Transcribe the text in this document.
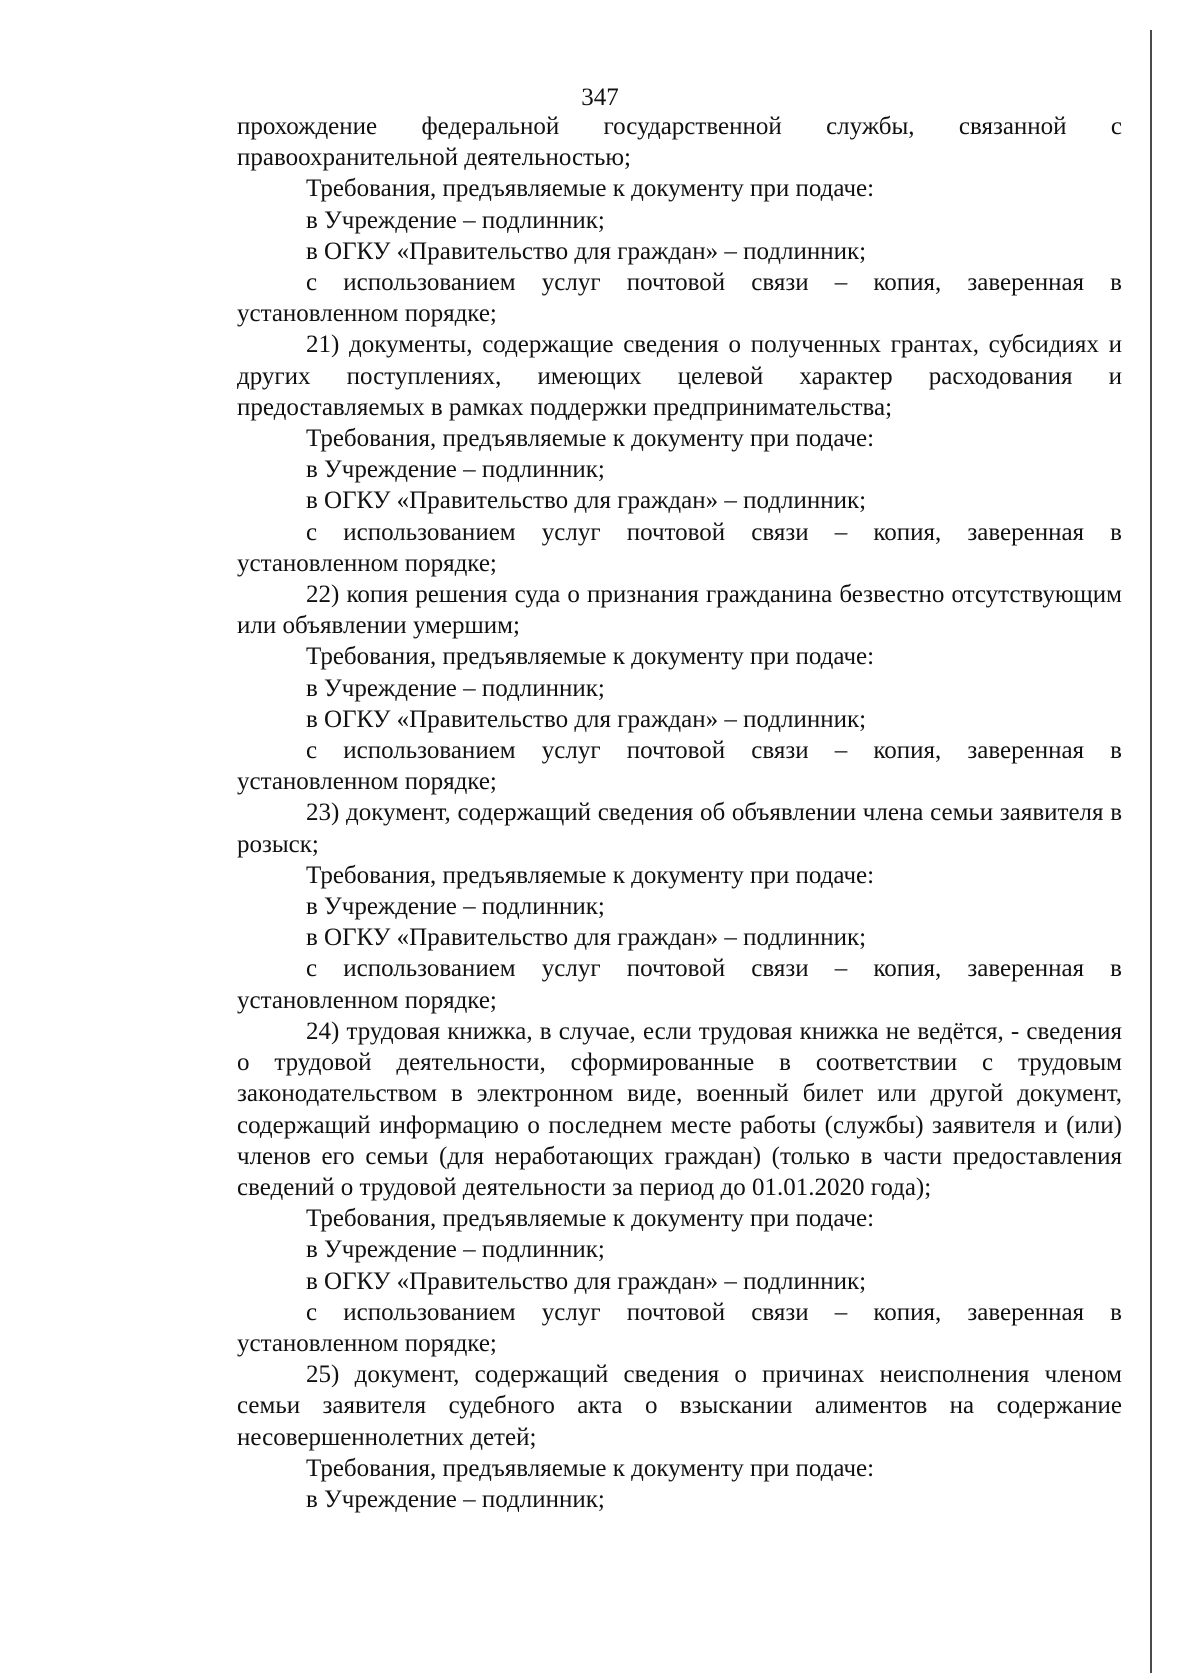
347

прохождение федеральной государственной службы, связанной с правоохранительной деятельностью;

Требования, предъявляемые к документу при подаче:

в Учреждение – подлинник;

в ОГКУ «Правительство для граждан» – подлинник;

с использованием услуг почтовой связи – копия, заверенная в установленном порядке;

21) документы, содержащие сведения о полученных грантах, субсидиях и других поступлениях, имеющих целевой характер расходования и предоставляемых в рамках поддержки предпринимательства;

Требования, предъявляемые к документу при подаче:

в Учреждение – подлинник;

в ОГКУ «Правительство для граждан» – подлинник;

с использованием услуг почтовой связи – копия, заверенная в установленном порядке;

22) копия решения суда о признания гражданина безвестно отсутствующим или объявлении умершим;

Требования, предъявляемые к документу при подаче:

в Учреждение – подлинник;

в ОГКУ «Правительство для граждан» – подлинник;

с использованием услуг почтовой связи – копия, заверенная в установленном порядке;

23) документ, содержащий сведения об объявлении члена семьи заявителя в розыск;

Требования, предъявляемые к документу при подаче:

в Учреждение – подлинник;

в ОГКУ «Правительство для граждан» – подлинник;

с использованием услуг почтовой связи – копия, заверенная в установленном порядке;

24) трудовая книжка, в случае, если трудовая книжка не ведётся, - сведения о трудовой деятельности, сформированные в соответствии с трудовым законодательством в электронном виде, военный билет или другой документ, содержащий информацию о последнем месте работы (службы) заявителя и (или) членов его семьи (для неработающих граждан) (только в части предоставления сведений о трудовой деятельности за период до 01.01.2020 года);

Требования, предъявляемые к документу при подаче:

в Учреждение – подлинник;

в ОГКУ «Правительство для граждан» – подлинник;

с использованием услуг почтовой связи – копия, заверенная в установленном порядке;

25) документ, содержащий сведения о причинах неисполнения членом семьи заявителя судебного акта о взыскании алиментов на содержание несовершеннолетних детей;

Требования, предъявляемые к документу при подаче:

в Учреждение – подлинник;
